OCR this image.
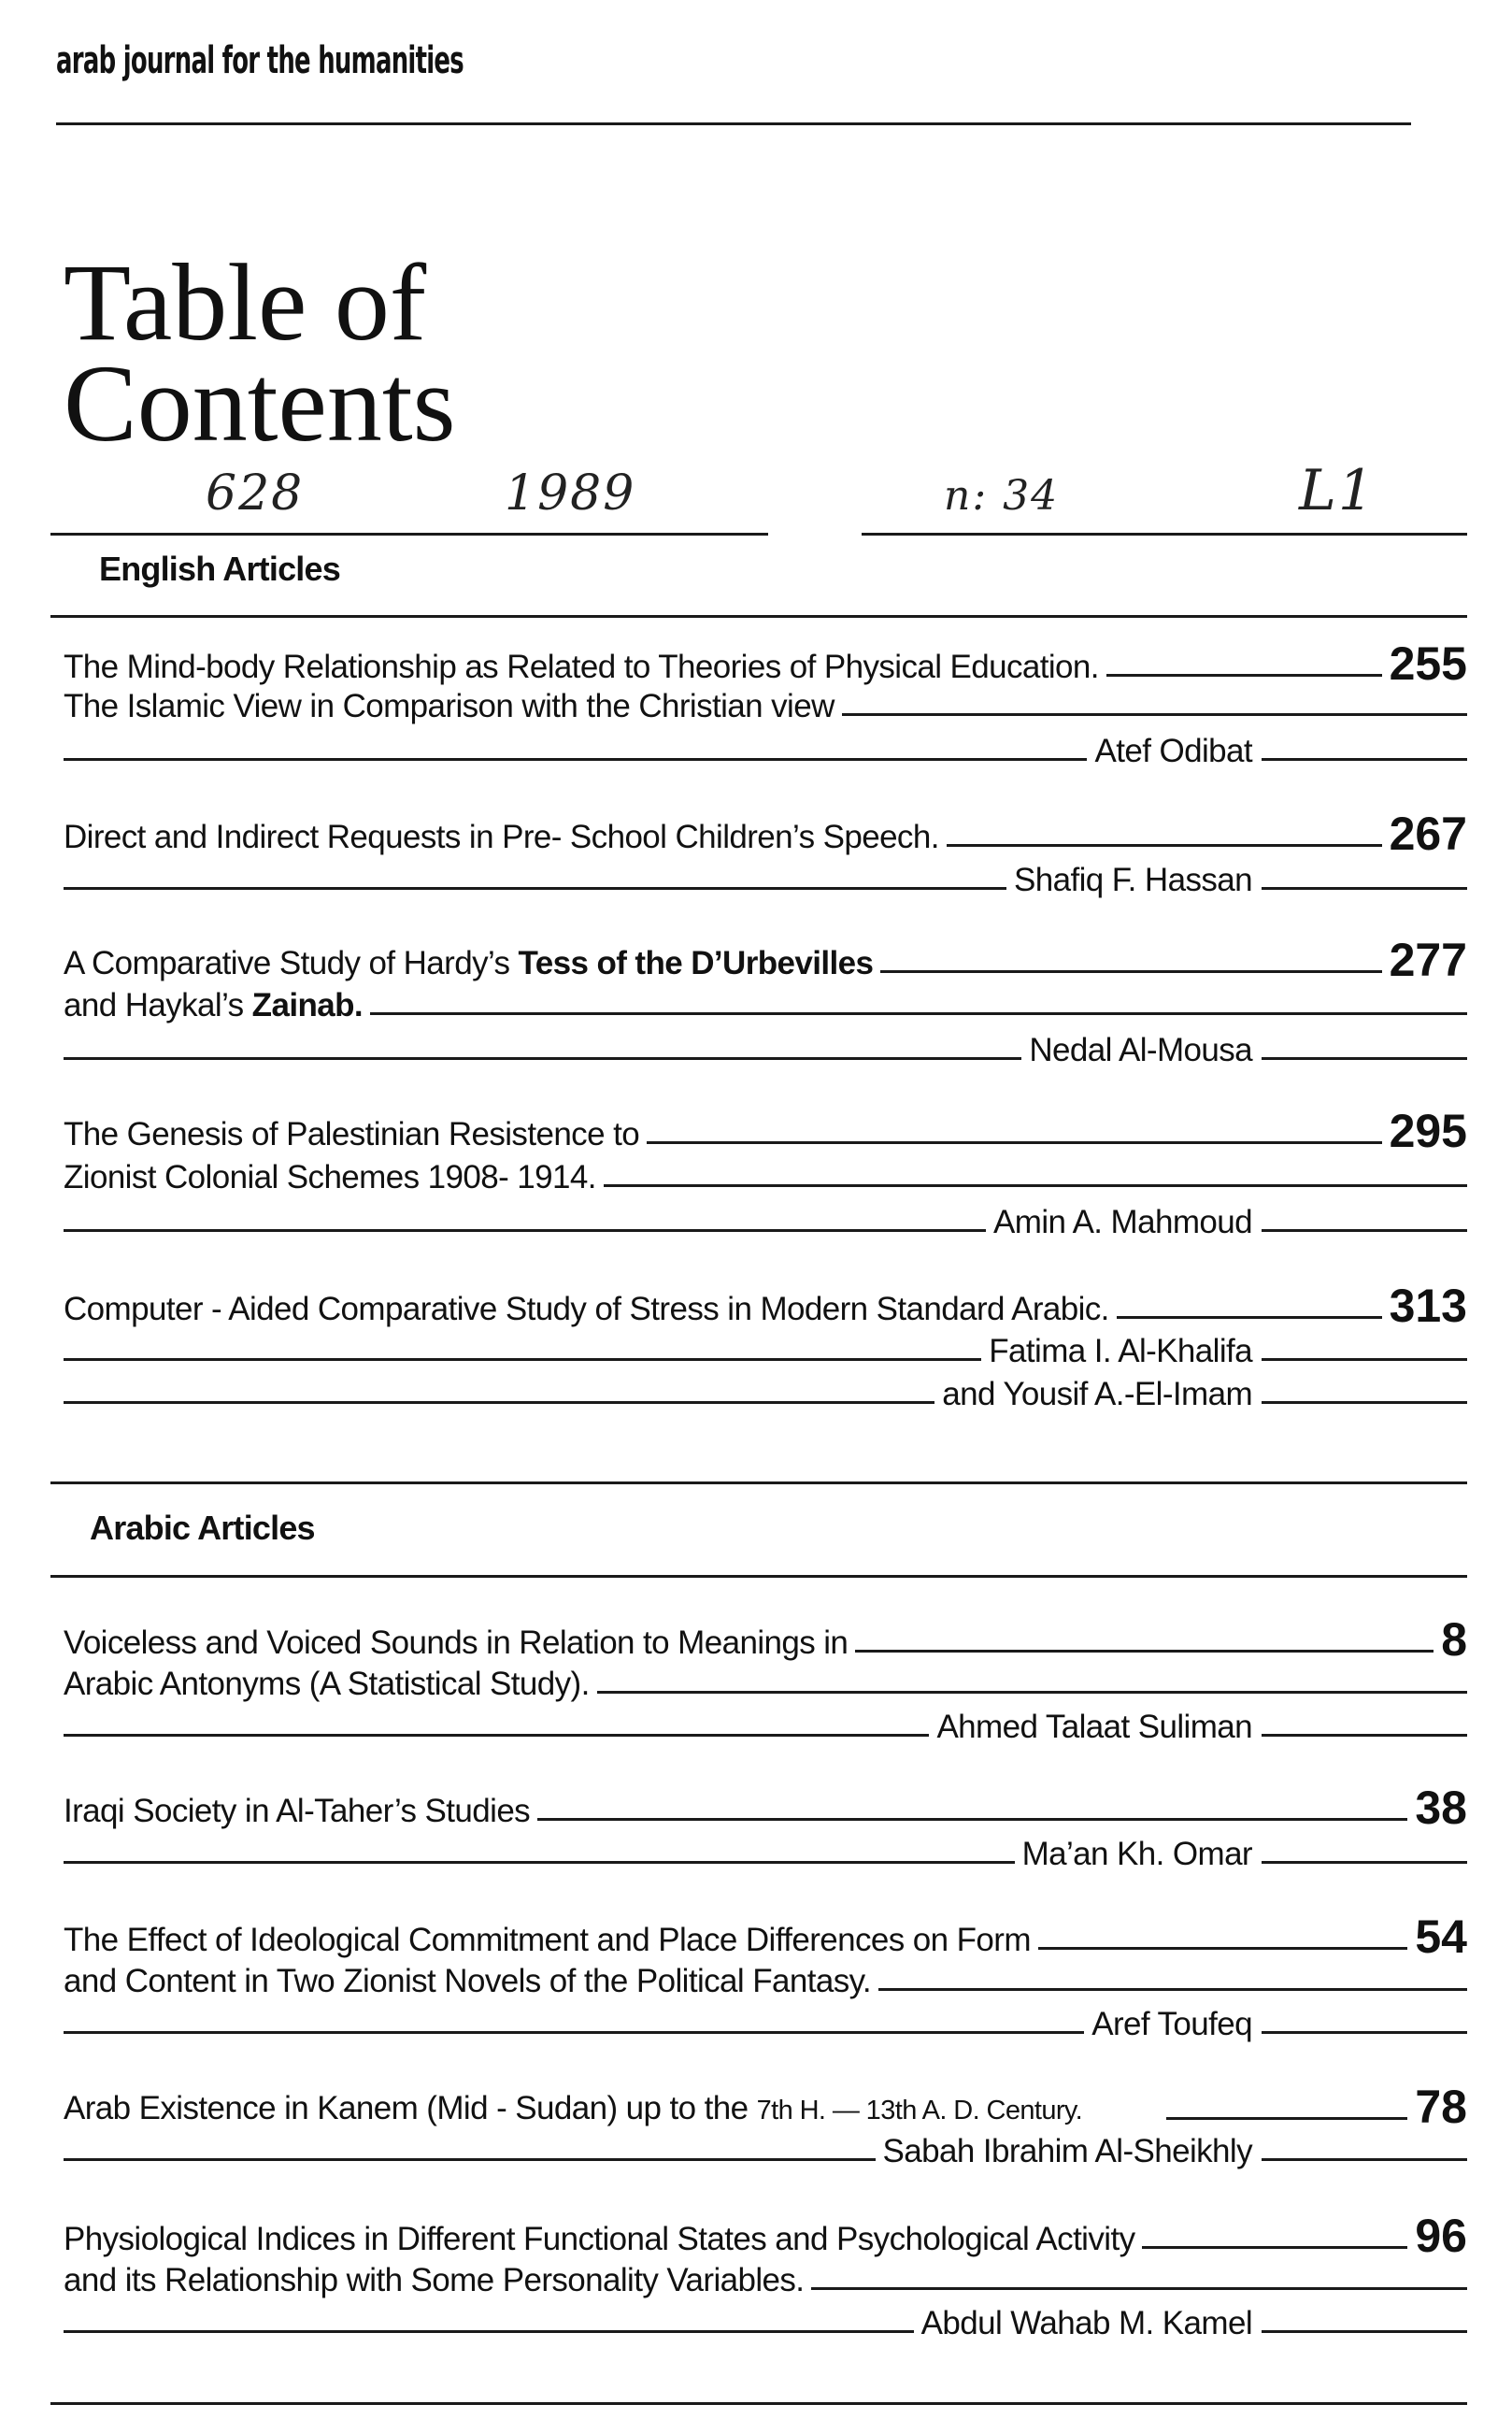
arab journal for the humanities
Table of
Contents
628	1989	n: 34	L1
English Articles
The Mind-body Relationship as Related to Theories of Physical Education.	255
The Islamic View in Comparison with the Christian view
Atef Odibat
Direct and Indirect Requests in Pre- School Children’s Speech.	267
Shafiq F. Hassan
A Comparative Study of Hardy’s Tess of the D’Urbevilles	277
and Haykal’s Zainab.
Nedal Al-Mousa
The Genesis of Palestinian Resistence to	295
Zionist Colonial Schemes 1908- 1914.
Amin A. Mahmoud
Computer - Aided Comparative Study of Stress in Modern Standard Arabic.	313
Fatima I. Al-Khalifa
and Yousif A.-El-Imam
Arabic Articles
Voiceless and Voiced Sounds in Relation to Meanings in	8
Arabic Antonyms (A Statistical Study).
Ahmed Talaat Suliman
Iraqi Society in Al-Taher’s Studies	38
Ma’an Kh. Omar
The Effect of Ideological Commitment and Place Differences on Form	54
and Content in Two Zionist Novels of the Political Fantasy.
Aref Toufeq
Arab Existence in Kanem (Mid - Sudan) up to the 7th H. — 13th A. D. Century.	78
Sabah Ibrahim Al-Sheikhly
Physiological Indices in Different Functional States and Psychological Activity	96
and its Relationship with Some Personality Variables.
Abdul Wahab M. Kamel
